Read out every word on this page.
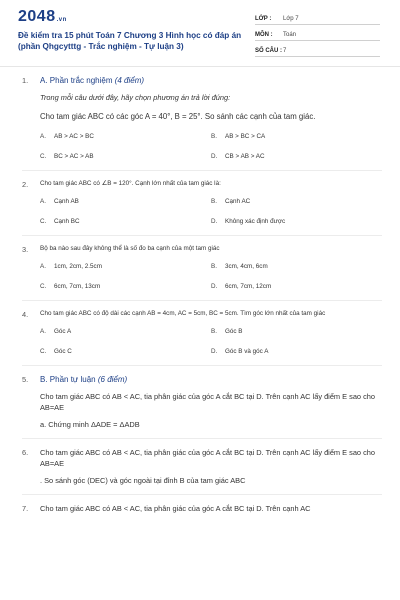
2048.vn
Đề kiểm tra 15 phút Toán 7 Chương 3 Hình học có đáp án (phần Qhgcytttg - Trắc nghiệm - Tự luận 3)
LỚP : Lớp 7
MÔN : Toán
SỐ CÂU :7
1. A. Phần trắc nghiệm (4 điểm)
Trong mỗi câu dưới đây, hãy chọn phương án trả lời đúng:
Cho tam giác ABC có các góc A = 40°, B = 25°. So sánh các cạnh của tam giác.
A. AB > AC > BC	B. AB > BC > CA
C. BC > AC > AB	D. CB > AB > AC
2. Cho tam giác ABC có ∠B = 120°. Cạnh lớn nhất của tam giác là:
A. Cạnh AB	B. Cạnh AC
C. Cạnh BC	D. Không xác định được
3. Bộ ba nào sau đây không thể là số đo ba cạnh của một tam giác
A. 1cm, 2cm, 2.5cm	B. 3cm, 4cm, 6cm
C. 6cm, 7cm, 13cm	D. 6cm, 7cm, 12cm
4. Cho tam giác ABC có độ dài các cạnh AB = 4cm, AC = 5cm, BC = 5cm. Tìm góc lớn nhất của tam giác
A. Góc A	B. Góc B
C. Góc C	D. Góc B và góc A
5. B. Phần tự luận (6 điểm)
Cho tam giác ABC có AB < AC, tia phân giác của góc A cắt BC tại D. Trên cạnh AC lấy điểm E sao cho AB=AE
a. Chứng minh ΔADE = ΔADB
6. Cho tam giác ABC có AB < AC, tia phân giác của góc A cắt BC tại D. Trên cạnh AC lấy điểm E sao cho AB=AE
. So sánh góc (DEC) và góc ngoài tại đỉnh B của tam giác ABC
7. Cho tam giác ABC có AB < AC, tia phân giác của góc A cắt BC tại D. Trên cạnh AC
